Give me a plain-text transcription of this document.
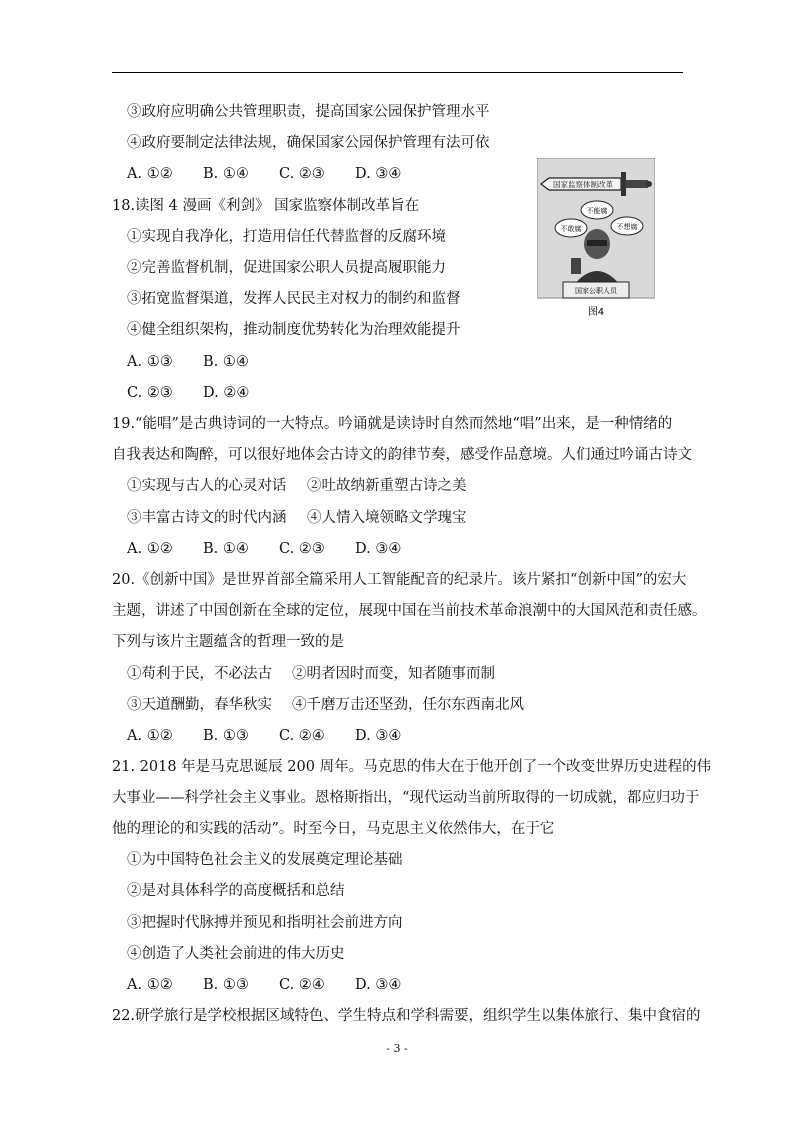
③政府应明确公共管理职责，提高国家公园保护管理水平
④政府要制定法律法规，确保国家公园保护管理有法可依
A. ①② B. ①④ C. ②③ D. ③④
18.读图 4 漫画《利剑》 国家监察体制改革旨在
①实现自我净化，打造用信任代替监督的反腐环境
②完善监督机制，促进国家公职人员提高履职能力
③拓宽监督渠道，发挥人民民主对权力的制约和监督
④健全组织架构，推动制度优势转化为治理效能提升
A. ①③ B. ①④
C. ②③ D. ②④
国家监察体制改革
不敢腐
不能腐
不想腐
国家公职人员
图4
19.“能唱”是古典诗词的一大特点。吟诵就是读诗时自然而然地“唱”出来，是一种情绪的
自我表达和陶醉，可以很好地体会古诗文的韵律节奏，感受作品意境。人们通过吟诵古诗文
①实现与古人的心灵对话 ②吐故纳新重塑古诗之美
③丰富古诗文的时代内涵 ④人情入境领略文学瑰宝
A. ①② B. ①④ C. ②③ D. ③④
20.《创新中国》是世界首部全篇采用人工智能配音的纪录片。该片紧扣“创新中国”的宏大
主题，讲述了中国创新在全球的定位，展现中国在当前技术革命浪潮中的大国风范和责任感。
下列与该片主题蕴含的哲理一致的是
①苟利于民，不必法古 ②明者因时而变，知者随事而制
③天道酬勤，春华秋实 ④千磨万击还坚劲，任尔东西南北风
A. ①② B. ①③ C. ②④ D. ③④
21. 2018 年是马克思诞辰 200 周年。马克思的伟大在于他开创了一个改变世界历史进程的伟
大事业——科学社会主义事业。恩格斯指出，“现代运动当前所取得的一切成就，都应归功于
他的理论的和实践的活动”。时至今日，马克思主义依然伟大，在于它
①为中国特色社会主义的发展奠定理论基础
②是对具体科学的高度概括和总结
③把握时代脉搏并预见和指明社会前进方向
④创造了人类社会前进的伟大历史
A. ①② B. ①③ C. ②④ D. ③④
22.研学旅行是学校根据区域特色、学生特点和学科需要，组织学生以集体旅行、集中食宿的
- 3 -
